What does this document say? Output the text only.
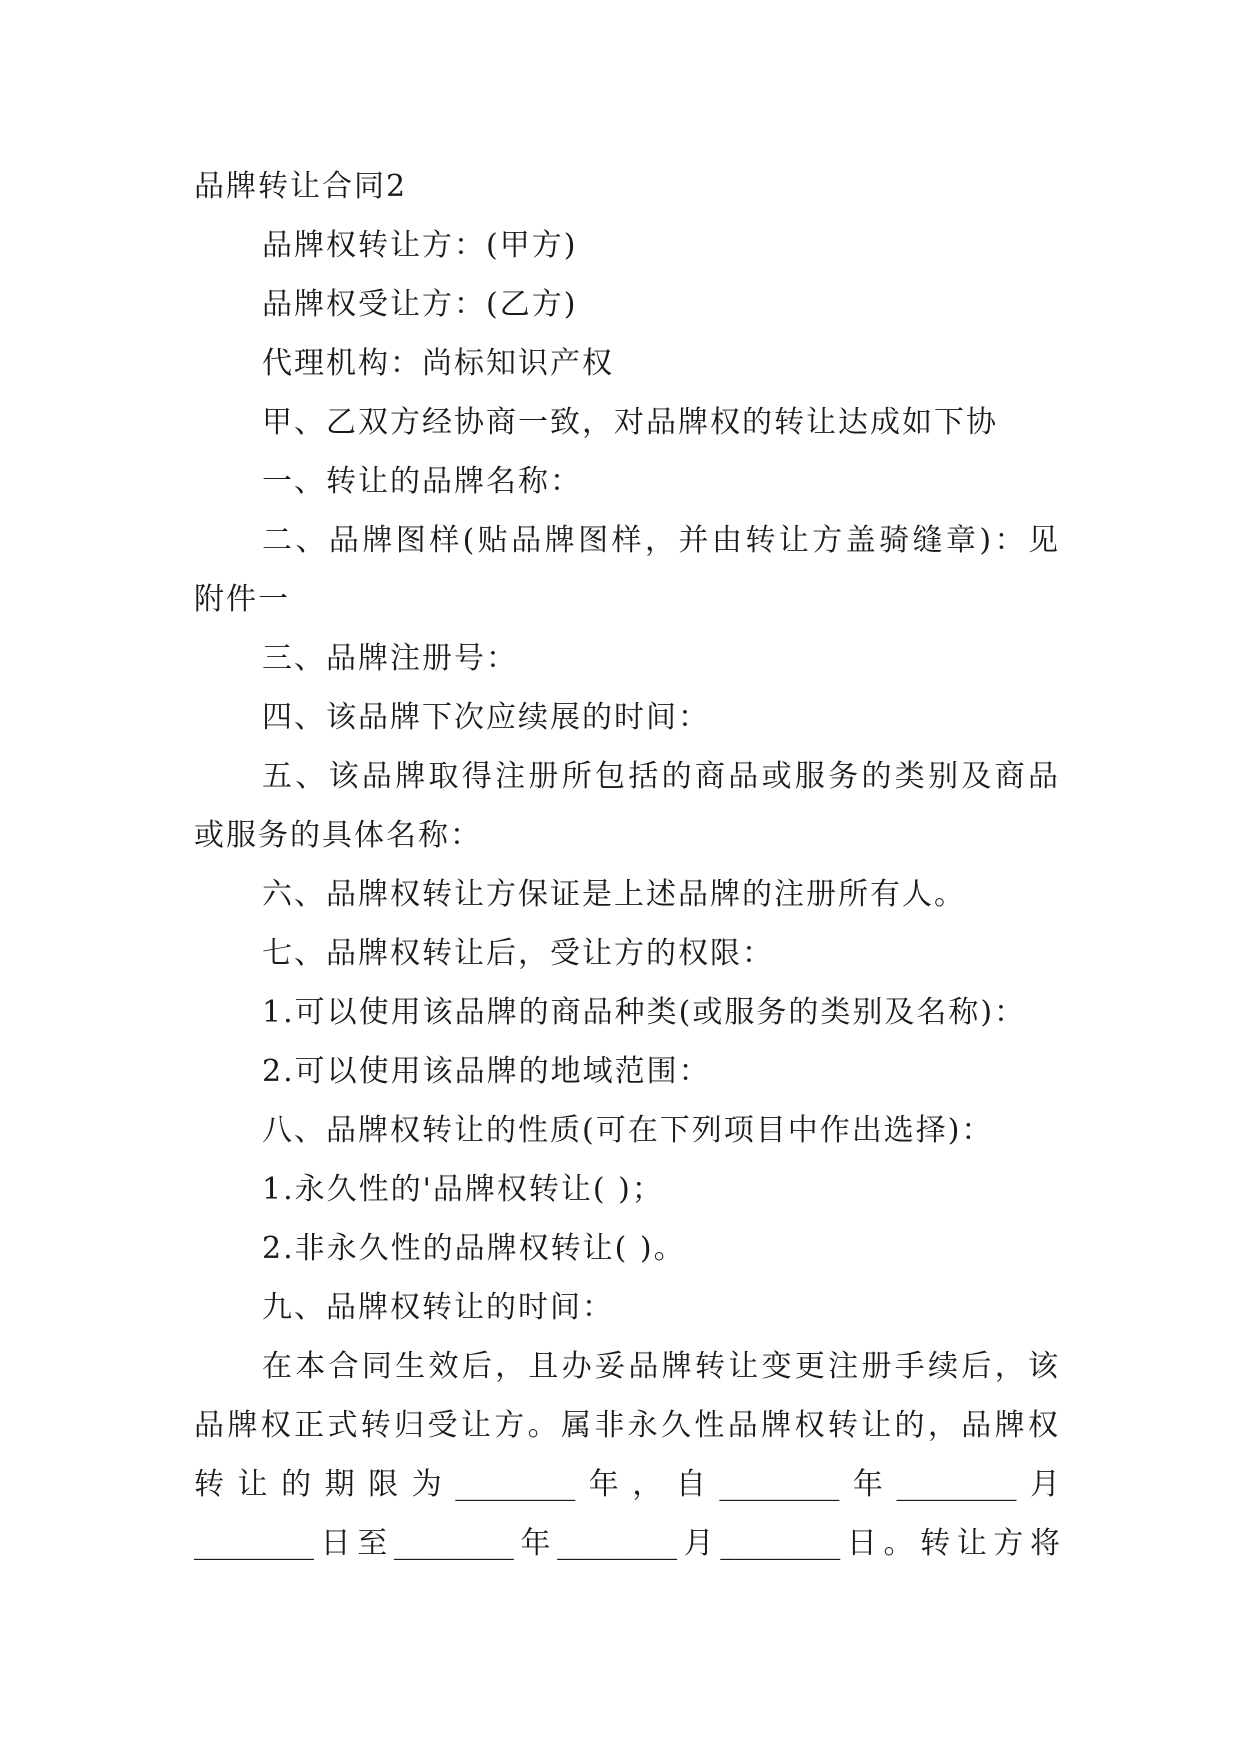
品牌转让合同2
品牌权转让方：(甲方)
品牌权受让方：(乙方)
代理机构：尚标知识产权
甲、乙双方经协商一致，对品牌权的转让达成如下协
一、转让的品牌名称：
二、品牌图样(贴品牌图样，并由转让方盖骑缝章)：见
附件一
三、品牌注册号：
四、该品牌下次应续展的时间：
五、该品牌取得注册所包括的商品或服务的类别及商品
或服务的具体名称：
六、品牌权转让方保证是上述品牌的注册所有人。
七、品牌权转让后，受让方的权限：
1.可以使用该品牌的商品种类(或服务的类别及名称)：
2.可以使用该品牌的地域范围：
八、品牌权转让的性质(可在下列项目中作出选择)：
1.永久性的'品牌权转让( )；
2.非永久性的品牌权转让( )。
九、品牌权转让的时间：
在本合同生效后，且办妥品牌转让变更注册手续后，该
品牌权正式转归受让方。属非永久性品牌权转让的，品牌权
转让的期限为________年，自________年________月
________日至________年________月________日。转让方将
